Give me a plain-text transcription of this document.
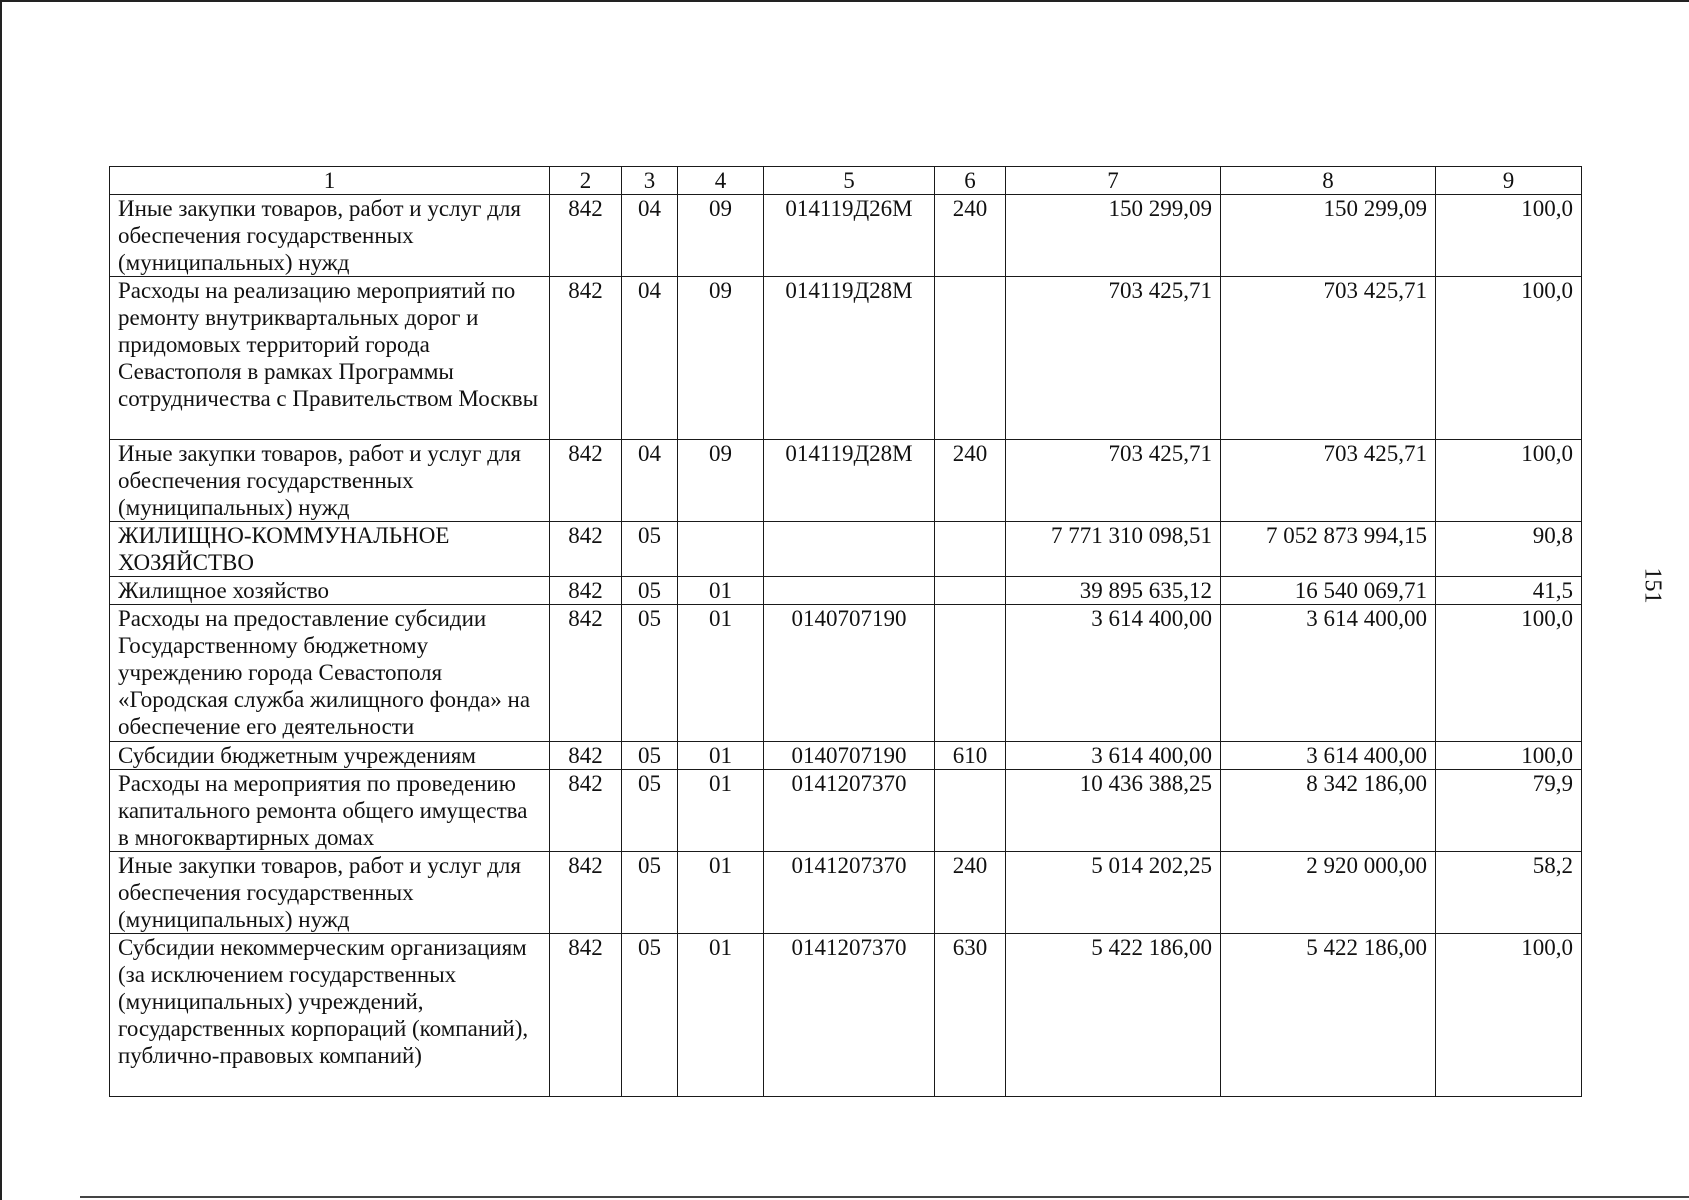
1	2	3	4	5	6	7	8	9
Иные закупки товаров, работ и услуг для обеспечения государственных (муниципальных) нужд	842	04	09	014119Д26М	240	150 299,09	150 299,09	100,0
Расходы на реализацию мероприятий по ремонту внутриквартальных дорог и придомовых территорий города Севастополя в рамках Программы сотрудничества с Правительством Москвы	842	04	09	014119Д28М		703 425,71	703 425,71	100,0
Иные закупки товаров, работ и услуг для обеспечения государственных (муниципальных) нужд	842	04	09	014119Д28М	240	703 425,71	703 425,71	100,0
ЖИЛИЩНО-КОММУНАЛЬНОЕ ХОЗЯЙСТВО	842	05				7 771 310 098,51	7 052 873 994,15	90,8
Жилищное хозяйство	842	05	01			39 895 635,12	16 540 069,71	41,5
Расходы на предоставление субсидии Государственному бюджетному учреждению города Севастополя «Городская служба жилищного фонда» на обеспечение его деятельности	842	05	01	0140707190		3 614 400,00	3 614 400,00	100,0
Субсидии бюджетным учреждениям	842	05	01	0140707190	610	3 614 400,00	3 614 400,00	100,0
Расходы на мероприятия по проведению капитального ремонта общего имущества в многоквартирных домах	842	05	01	0141207370		10 436 388,25	8 342 186,00	79,9
Иные закупки товаров, работ и услуг для обеспечения государственных (муниципальных) нужд	842	05	01	0141207370	240	5 014 202,25	2 920 000,00	58,2
Субсидии некоммерческим организациям (за исключением государственных (муниципальных) учреждений, государственных корпораций (компаний), публично-правовых компаний)	842	05	01	0141207370	630	5 422 186,00	5 422 186,00	100,0
151
